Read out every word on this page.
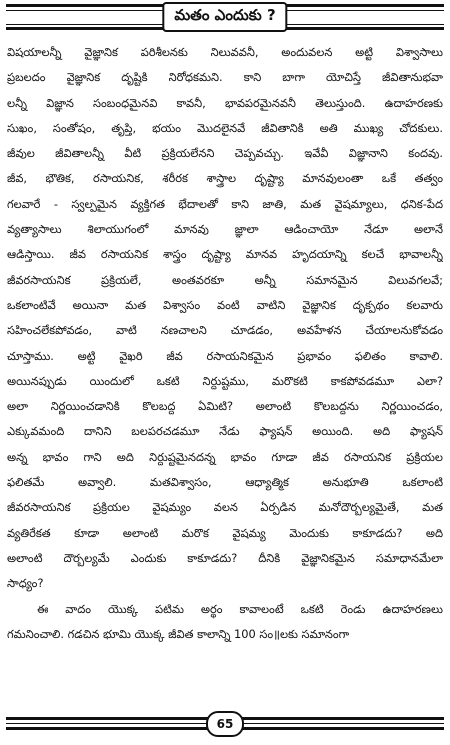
మతం ఎందుకు ?
విషయాలన్నీ వైజ్ఞానిక పరిశీలనకు నిలువవనీ, అందువలన అట్టి విశ్వాసాలు
ప్రబలదం వైజ్ఞానిక దృష్టికి నిరోధకమని. కాని బాగా యోచిస్తే జీవితానుభవా
లన్నీ విజ్ఞాన సంబంధమైనవి కావనీ, భావపరమైనవనీ తెలుస్తుంది. ఉదాహరణకు
సుఖం, సంతోషం, తృప్తి, భయం మొదలైనవే జీవితానికి అతి ముఖ్య చోదకులు.
జీవుల జీవితాలన్నీ వీటి ప్రక్రియలేనని చెప్పవచ్చు. ఇవేవీ విజ్ఞానాని కందవు.
జీవ, భౌతిక, రసాయనిక, శరీరక శాస్త్రాల దృష్ట్యా మానవులంతా ఒకే తత్వం
గలవారే - స్వల్పమైన వ్యక్తిగత భేదాలతో కాని జాతి, మత వైషమ్యాలు, ధనిక-పేద
వ్యత్యాసాలు శిలాయుగంలో మానవు జ్ఞాలా ఆడించాయో నేడూ అలానే
ఆడిస్తాయి. జీవ రసాయనిక శాస్త్రం దృష్ట్యా మానవ హృదయాన్ని కలచే భావాలన్నీ
జీవరసాయనిక ప్రక్రియలే, అంతవరకూ అన్నీ సమానమైన విలువగలవే;
ఒకలాంటివే అయినా మత విశ్వాసం వంటి వాటిని వైజ్ఞానిక దృక్పథం కలవారు
సహించలేకపోవడం, వాటి నణచాలని చూడడం, అవహేళన చేయాలనుకోవడం
చూస్తాము. అట్టి వైఖరి జీవ రసాయనికమైన ప్రభావం ఫలితం కావాలి.
అయినప్పుడు యిందులో ఒకటి నిర్దుష్టము, మరొకటి కాకపోవడమూ ఎలా?
అలా నిర్ణయించడానికి కొలబద్ద ఏమిటి? అలాంటి కొలబద్దను నిర్ణయించడం,
ఎక్కువమంది దానిని బలపరచడమూ నేడు ఫ్యాషన్ అయింది. అది ఫ్యాషన్
అన్న భావం గాని అది నిర్దుష్టమైనదన్న భావం గూడా జీవ రసాయనిక ప్రక్రియల
ఫలితమే అవ్వాలి. మతవిశ్వాసం, ఆధ్యాత్మిక అనుభూతి ఒకలాంటి
జీవరసాయనిక ప్రక్రియల వైషమ్యం వలన ఏర్పడిన మనోదౌర్బల్యమైతే, మత
వ్యతిరేకత కూడా అలాంటి మరొక వైషమ్య మెందుకు కాకూడదు? అది
అలాంటి దౌర్బల్యమే ఎందుకు కాకూడదు? దీనికి వైజ్ఞానికమైన సమాధానమేలా
సాధ్యం?
ఈ వాదం యొక్క పటిమ అర్థం కావాలంటే ఒకటి రెండు ఉదాహరణలు
గమనించాలి. గడచిన భూమి యొక్క జీవిత కాలాన్ని 100 సం॥లకు సమానంగా
65
